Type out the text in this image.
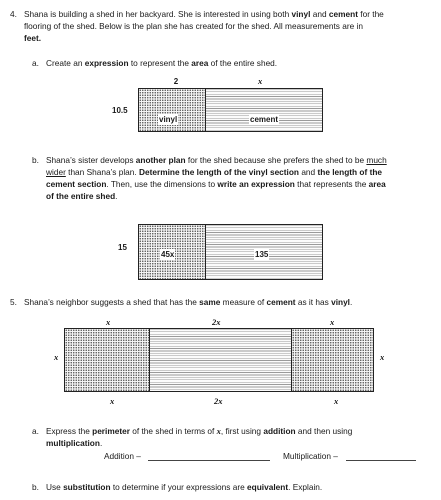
4. Shana is building a shed in her backyard. She is interested in using both vinyl and cement for the
flooring of the shed. Below is the plan she has created for the shed. All measurements are in
feet.
a. Create an expression to represent the area of the entire shed.
2	x
10.5
vinyl	cement
b. Shana’s sister develops another plan for the shed because she prefers the shed to be much
wider than Shana’s plan. Determine the length of the vinyl section and the length of the
cement section. Then, use the dimensions to write an expression that represents the area
of the entire shed.
15
45x	135
5. Shana’s neighbor suggests a shed that has the same measure of cement as it has vinyl.
x	2x	x
x	x
x	2x	x
a. Express the perimeter of the shed in terms of x, first using addition and then using
multiplication.
Addition –	Multiplication –
b. Use substitution to determine if your expressions are equivalent. Explain.
